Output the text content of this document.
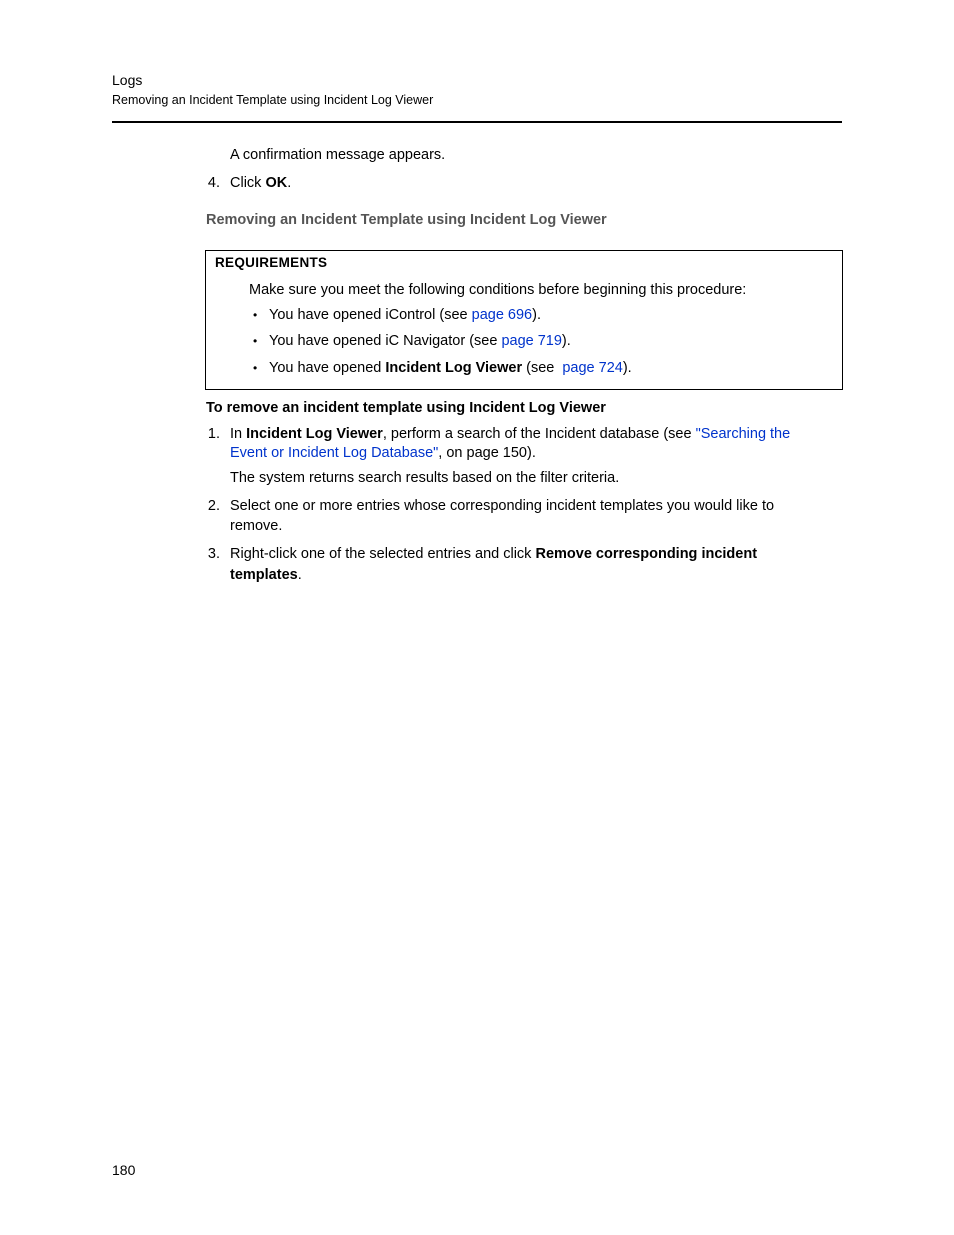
Logs
Removing an Incident Template using Incident Log Viewer
A confirmation message appears.
4. Click OK.
Removing an Incident Template using Incident Log Viewer
REQUIREMENTS
Make sure you meet the following conditions before beginning this procedure:
• You have opened iControl (see page 696).
• You have opened iC Navigator (see page 719).
• You have opened Incident Log Viewer (see page 724).
To remove an incident template using Incident Log Viewer
1. In Incident Log Viewer, perform a search of the Incident database (see "Searching the
Event or Incident Log Database", on page 150).
The system returns search results based on the filter criteria.
2. Select one or more entries whose corresponding incident templates you would like to
remove.
3. Right-click one of the selected entries and click Remove corresponding incident
templates.
180
